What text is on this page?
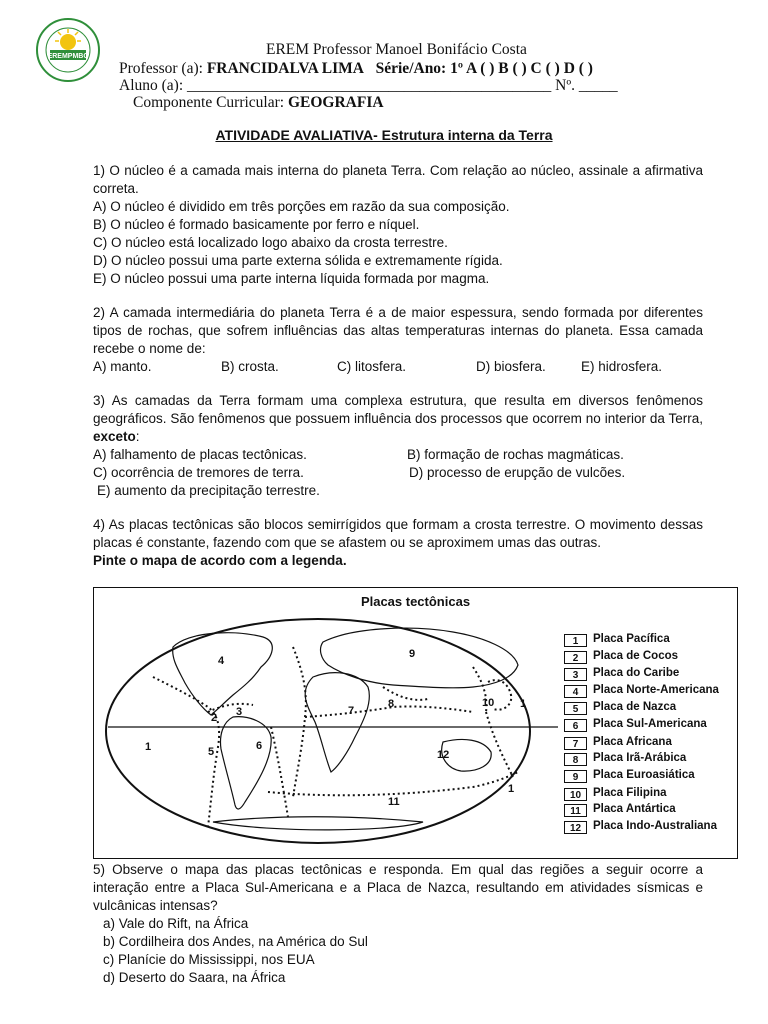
EREMPMBC	EREM Professor Manoel Bonifácio Costa
Professor (a): FRANCIDALVA LIMA Série/Ano: 1º A ( ) B ( ) C ( ) D ( )
Aluno (a): _______________________________________________ Nº. _____
Componente Curricular: GEOGRAFIA
ATIVIDADE AVALIATIVA- Estrutura interna da Terra
1) O núcleo é a camada mais interna do planeta Terra. Com relação ao núcleo, assinale a afirmativa correta.
A) O núcleo é dividido em três porções em razão da sua composição.
B) O núcleo é formado basicamente por ferro e níquel.
C) O núcleo está localizado logo abaixo da crosta terrestre.
D) O núcleo possui uma parte externa sólida e extremamente rígida.
E) O núcleo possui uma parte interna líquida formada por magma.
2) A camada intermediária do planeta Terra é a de maior espessura, sendo formada por diferentes tipos de rochas, que sofrem influências das altas temperaturas internas do planeta. Essa camada recebe o nome de:
A) manto.	B) crosta.	C) litosfera.	D) biosfera.	E) hidrosfera.
3) As camadas da Terra formam uma complexa estrutura, que resulta em diversos fenômenos geográficos. São fenômenos que possuem influência dos processos que ocorrem no interior da Terra, exceto:
A) falhamento de placas tectônicas.	B) formação de rochas magmáticas.
C) ocorrência de tremores de terra.	D) processo de erupção de vulcões.
E) aumento da precipitação terrestre.
4) As placas tectônicas são blocos semirrígidos que formam a crosta terrestre. O movimento dessas placas é constante, fazendo com que se afastem ou se aproximem umas das outras.
Pinte o mapa de acordo com a legenda.
Placas tectônicas
1
1
1
2 3
4
5	6
7
8
9
10
11
12
1	Placa Pacífica
2	Placa de Cocos
3	Placa do Caribe
4	Placa Norte-Americana
5	Placa de Nazca
6	Placa Sul-Americana
7	Placa Africana
8	Placa Irã-Arábica
9	Placa Euroasiática
10	Placa Filipina
11	Placa Antártica
12	Placa Indo-Australiana
5) Observe o mapa das placas tectônicas e responda. Em qual das regiões a seguir ocorre a interação entre a Placa Sul-Americana e a Placa de Nazca, resultando em atividades sísmicas e vulcânicas intensas?
a) Vale do Rift, na África
b) Cordilheira dos Andes, na América do Sul
c) Planície do Mississippi, nos EUA
d) Deserto do Saara, na África
